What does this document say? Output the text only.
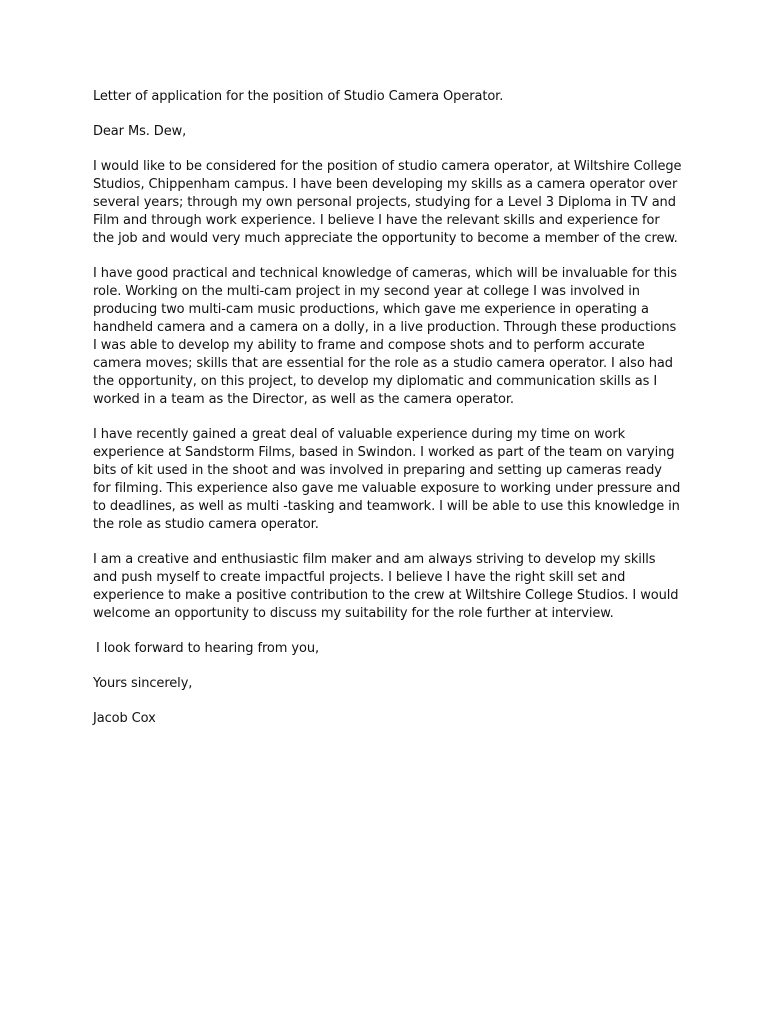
Letter of application for the position of Studio Camera Operator.

Dear Ms. Dew,

I would like to be considered for the position of studio camera operator, at Wiltshire College Studios, Chippenham campus. I have been developing my skills as a camera operator over several years; through my own personal projects, studying for a Level 3 Diploma in TV and Film and through work experience. I believe I have the relevant skills and experience for the job and would very much appreciate the opportunity to become a member of the crew.

I have good practical and technical knowledge of cameras, which will be invaluable for this role. Working on the multi-cam project in my second year at college I was involved in producing two multi-cam music productions, which gave me experience in operating a handheld camera and a camera on a dolly, in a live production. Through these productions I was able to develop my ability to frame and compose shots and to perform accurate camera moves; skills that are essential for the role as a studio camera operator. I also had the opportunity, on this project, to develop my diplomatic and communication skills as I worked in a team as the Director, as well as the camera operator.

I have recently gained a great deal of valuable experience during my time on work experience at Sandstorm Films, based in Swindon. I worked as part of the team on varying bits of kit used in the shoot and was involved in preparing and setting up cameras ready for filming. This experience also gave me valuable exposure to working under pressure and to deadlines, as well as multi -tasking and teamwork. I will be able to use this knowledge in the role as studio camera operator.

I am a creative and enthusiastic film maker and am always striving to develop my skills and push myself to create impactful projects. I believe I have the right skill set and experience to make a positive contribution to the crew at Wiltshire College Studios. I would welcome an opportunity to discuss my suitability for the role further at interview.

I look forward to hearing from you,

Yours sincerely,

Jacob Cox
